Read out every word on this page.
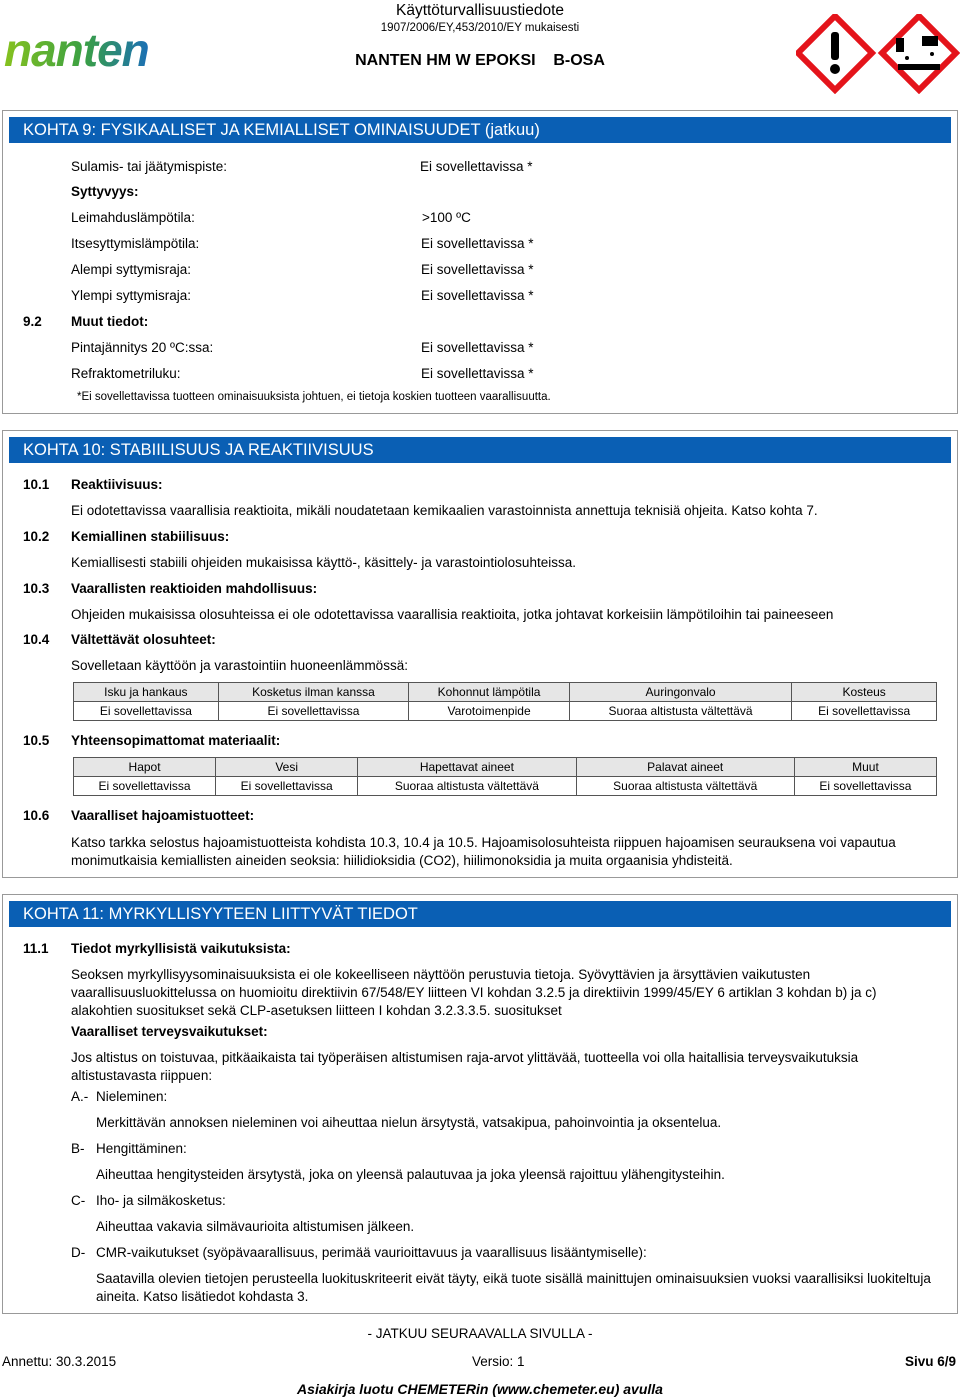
Käyttöturvallisuustiedote
1907/2006/EY,453/2010/EY mukaisesti
NANTEN HM W EPOKSI    B-OSA
nanten
KOHTA 9: FYSIKAALISET JA KEMIALLISET OMINAISUUDET (jatkuu)
Sulamis- tai jäätymispiste:	Ei sovellettavissa *
Syttyvyys:
Leimahduslämpötila:	>100 ºC
Itsesyttymislämpötila:	Ei sovellettavissa *
Alempi syttymisraja:	Ei sovellettavissa *
Ylempi syttymisraja:	Ei sovellettavissa *
9.2 Muut tiedot:
Pintajännitys 20 ºC:ssa:	Ei sovellettavissa *
Refraktometriluku:	Ei sovellettavissa *
*Ei sovellettavissa tuotteen ominaisuuksista johtuen, ei tietoja koskien tuotteen vaarallisuutta.
KOHTA 10: STABIILISUUS JA REAKTIIVISUUS
10.1 Reaktiivisuus:
Ei odotettavissa vaarallisia reaktioita, mikäli noudatetaan kemikaalien varastoinnista annettuja teknisiä ohjeita. Katso kohta 7.
10.2 Kemiallinen stabiilisuus:
Kemiallisesti stabiili ohjeiden mukaisissa käyttö-, käsittely- ja varastointiolosuhteissa.
10.3 Vaarallisten reaktioiden mahdollisuus:
Ohjeiden mukaisissa olosuhteissa ei ole odotettavissa vaarallisia reaktioita, jotka johtavat korkeisiin lämpötiloihin tai paineeseen
10.4 Vältettävät olosuhteet:
Sovelletaan käyttöön ja varastointiin huoneenlämmössä:
Isku ja hankaus	Kosketus ilman kanssa	Kohonnut lämpötila	Auringonvalo	Kosteus
Ei sovellettavissa	Ei sovellettavissa	Varotoimenpide	Suoraa altistusta vältettävä	Ei sovellettavissa
10.5 Yhteensopimattomat materiaalit:
Hapot	Vesi	Hapettavat aineet	Palavat aineet	Muut
Ei sovellettavissa	Ei sovellettavissa	Suoraa altistusta vältettävä	Suoraa altistusta vältettävä	Ei sovellettavissa
10.6 Vaaralliset hajoamistuotteet:
Katso tarkka selostus hajoamistuotteista kohdista 10.3, 10.4 ja 10.5. Hajoamisolosuhteista riippuen hajoamisen seurauksena voi vapautua monimutkaisia kemiallisten aineiden seoksia: hiilidioksidia (CO2), hiilimonoksidia ja muita orgaanisia yhdisteitä.
KOHTA 11: MYRKYLLISYYTEEN LIITTYVÄT TIEDOT
11.1 Tiedot myrkyllisistä vaikutuksista:
Seoksen myrkyllisyysominaisuuksista ei ole kokeelliseen näyttöön perustuvia tietoja. Syövyttävien ja ärsyttävien vaikutusten vaarallisuusluokittelussa on huomioitu direktiivin 67/548/EY liitteen VI kohdan 3.2.5 ja direktiivin 1999/45/EY 6 artiklan 3 kohdan b) ja c) alakohtien suositukset sekä CLP-asetuksen liitteen I kohdan 3.2.3.3.5. suositukset
Vaaralliset terveysvaikutukset:
Jos altistus on toistuvaa, pitkäaikaista tai työperäisen altistumisen raja-arvot ylittävää, tuotteella voi olla haitallisia terveysvaikutuksia altistustavasta riippuen:
A.- Nieleminen:
Merkittävän annoksen nieleminen voi aiheuttaa nielun ärsytystä, vatsakipua, pahoinvointia ja oksentelua.
B- Hengittäminen:
Aiheuttaa hengitysteiden ärsytystä, joka on yleensä palautuvaa ja joka yleensä rajoittuu ylähengitysteihin.
C- Iho- ja silmäkosketus:
Aiheuttaa vakavia silmävaurioita altistumisen jälkeen.
D- CMR-vaikutukset (syöpävaarallisuus, perimää vaurioittavuus ja vaarallisuus lisääntymiselle):
Saatavilla olevien tietojen perusteella luokituskriteerit eivät täyty, eikä tuote sisällä mainittujen ominaisuuksien vuoksi vaarallisiksi luokiteltuja aineita. Katso lisätiedot kohdasta 3.
- JATKUU SEURAAVALLA SIVULLA -
Annettu: 30.3.2015	Versio: 1	Sivu 6/9
Asiakirja luotu CHEMETERin (www.chemeter.eu) avulla
